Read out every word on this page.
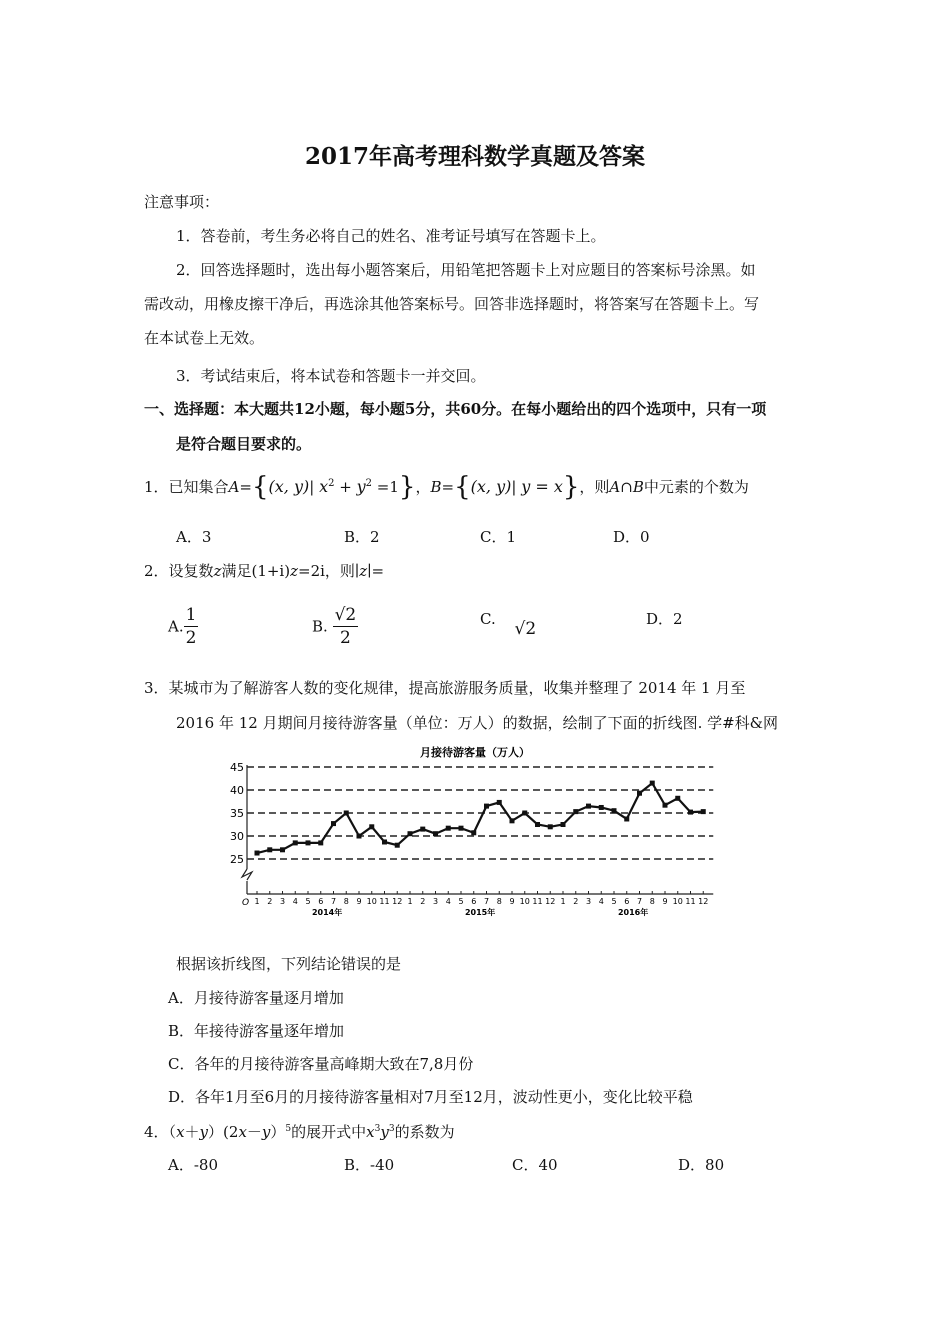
2017年高考理科数学真题及答案
注意事项：
1．答卷前，考生务必将自己的姓名、准考证号填写在答题卡上。
2．回答选择题时，选出每小题答案后，用铅笔把答题卡上对应题目的答案标号涂黑。如
需改动，用橡皮擦干净后，再选涂其他答案标号。回答非选择题时，将答案写在答题卡上。写
在本试卷上无效。
3．考试结束后，将本试卷和答题卡一并交回。
一、选择题：本大题共12小题，每小题5分，共60分。在每小题给出的四个选项中，只有一项
是符合题目要求的。
1．已知集合A={(x, y)| $x^2 + y^2 =1$}，B={(x, y)| y = x}，则A∩B中元素的个数为
A．3	B．2	C．1	D．0
2．设复数z满足(1+i)z=2i，则∣z∣=
A. $\frac{1}{2}$	B. $\frac{√2}{2}$	C. √2	D．2
3．某城市为了解游客人数的变化规律，提高旅游服务质量，收集并整理了 2014 年 1 月至
2016 年 12 月期间月接待游客量（单位：万人）的数据，绘制了下面的折线图. 学#科&网
月接待游客量（万人）
25
30
35
40
45
1 2 3 4 5 6 7 8 9 10 11 12 1 2 3 4 5 6 7 8 9 10 11 12 1 2 3 4 5 6 7 8 9 10 11 12
2014年	2015年	2016年
O
根据该折线图，下列结论错误的是
A．月接待游客量逐月增加
B．年接待游客量逐年增加
C．各年的月接待游客量高峰期大致在7,8月份
D．各年1月至6月的月接待游客量相对7月至12月，波动性更小，变化比较平稳
4．（x＋y）(2x－y）$^5$的展开式中$x^3y^3$的系数为
A．-80	B．-40	C．40	D．80
